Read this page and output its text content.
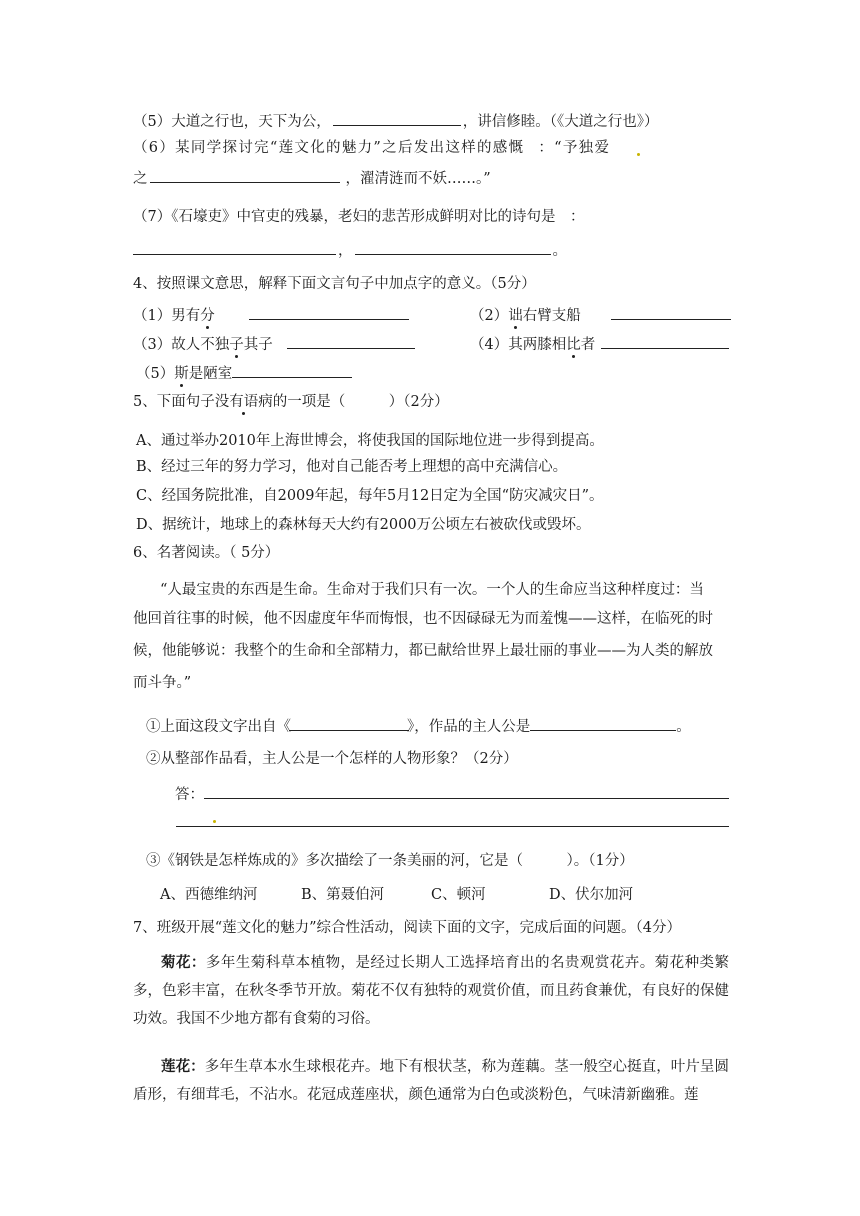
（5）大道之行也，天下为公，	，讲信修睦。（《大道之行也》）
（6）某同学探讨完“莲文化的魅力”之后发出这样的感慨 ：“予独爱
之	，濯清涟而不妖……。”
（7）《石壕吏》中官吏的残暴，老妇的悲苦形成鲜明对比的诗句是　：
，	。
4、按照课文意思，解释下面文言句子中加点字的意义。（5分）
（1）男有分	（2）诎右臂支船
（3）故人不独子其子	（4）其两膝相比者
（5）斯是陋室
5、下面句子没有语病的一项是（　　　）（2分）
A、通过举办2010年上海世博会，将使我国的国际地位进一步得到提高。
B、经过三年的努力学习，他对自己能否考上理想的高中充满信心。
C、经国务院批准，自2009年起，每年5月12日定为全国“防灾减灾日”。
D、据统计，地球上的森林每天大约有2000万公顷左右被砍伐或毁坏。
6、名著阅读。（ 5分）
“人最宝贵的东西是生命。生命对于我们只有一次。一个人的生命应当这种样度过：当
他回首往事的时候，他不因虚度年华而悔恨，也不因碌碌无为而羞愧——这样，在临死的时
候，他能够说：我整个的生命和全部精力，都已献给世界上最壮丽的事业——为人类的解放
而斗争。”
①上面这段文字出自《	》，作品的主人公是	。
②从整部作品看，主人公是一个怎样的人物形象？（2分）
答：
③《钢铁是怎样炼成的》多次描绘了一条美丽的河，它是（　　　）。（1分）
A、西德维纳河	B、第聂伯河	C、顿河	D、伏尔加河
7、班级开展“莲文化的魅力”综合性活动，阅读下面的文字，完成后面的问题。（4分）
菊花：多年生菊科草本植物，是经过长期人工选择培育出的名贵观赏花卉。菊花种类繁多，色彩丰富，在秋冬季节开放。菊花不仅有独特的观赏价值，而且药食兼优，有良好的保健功效。我国不少地方都有食菊的习俗。
莲花：多年生草本水生球根花卉。地下有根状茎，称为莲藕。茎一般空心挺直，叶片呈圆盾形，有细茸毛，不沾水。花冠成莲座状，颜色通常为白色或淡粉色，气味清新幽雅。莲
